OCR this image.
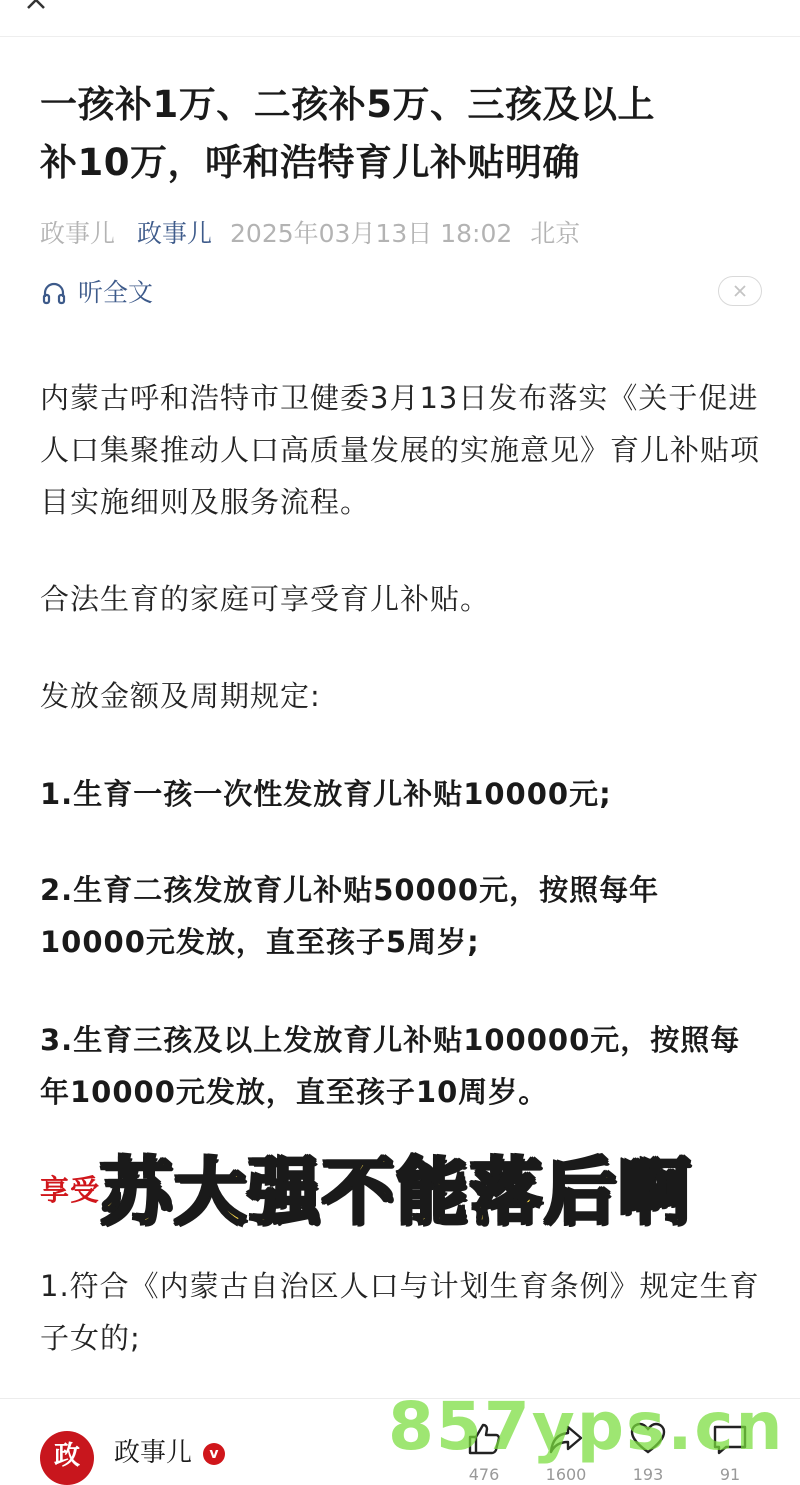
一孩补1万、二孩补5万、三孩及以上
补10万，呼和浩特育儿补贴明确
政事儿 政事儿 2025年03月13日 18:02 北京
听全文

内蒙古呼和浩特市卫健委3月13日发布落实《关于促进人口集聚推动人口高质量发展的实施意见》育儿补贴项目实施细则及服务流程。

合法生育的家庭可享受育儿补贴。

发放金额及周期规定:

1.生育一孩一次性发放育儿补贴10000元;

2.生育二孩发放育儿补贴50000元，按照每年10000元发放，直至孩子5周岁;

3.生育三孩及以上发放育儿补贴100000元，按照每年10000元发放，直至孩子10周岁。

享受

1.符合《内蒙古自治区人口与计划生育条例》规定生育子女的;

苏大强不能落后啊
政 政事儿	v
476	1600	193	91
857yps.cn
